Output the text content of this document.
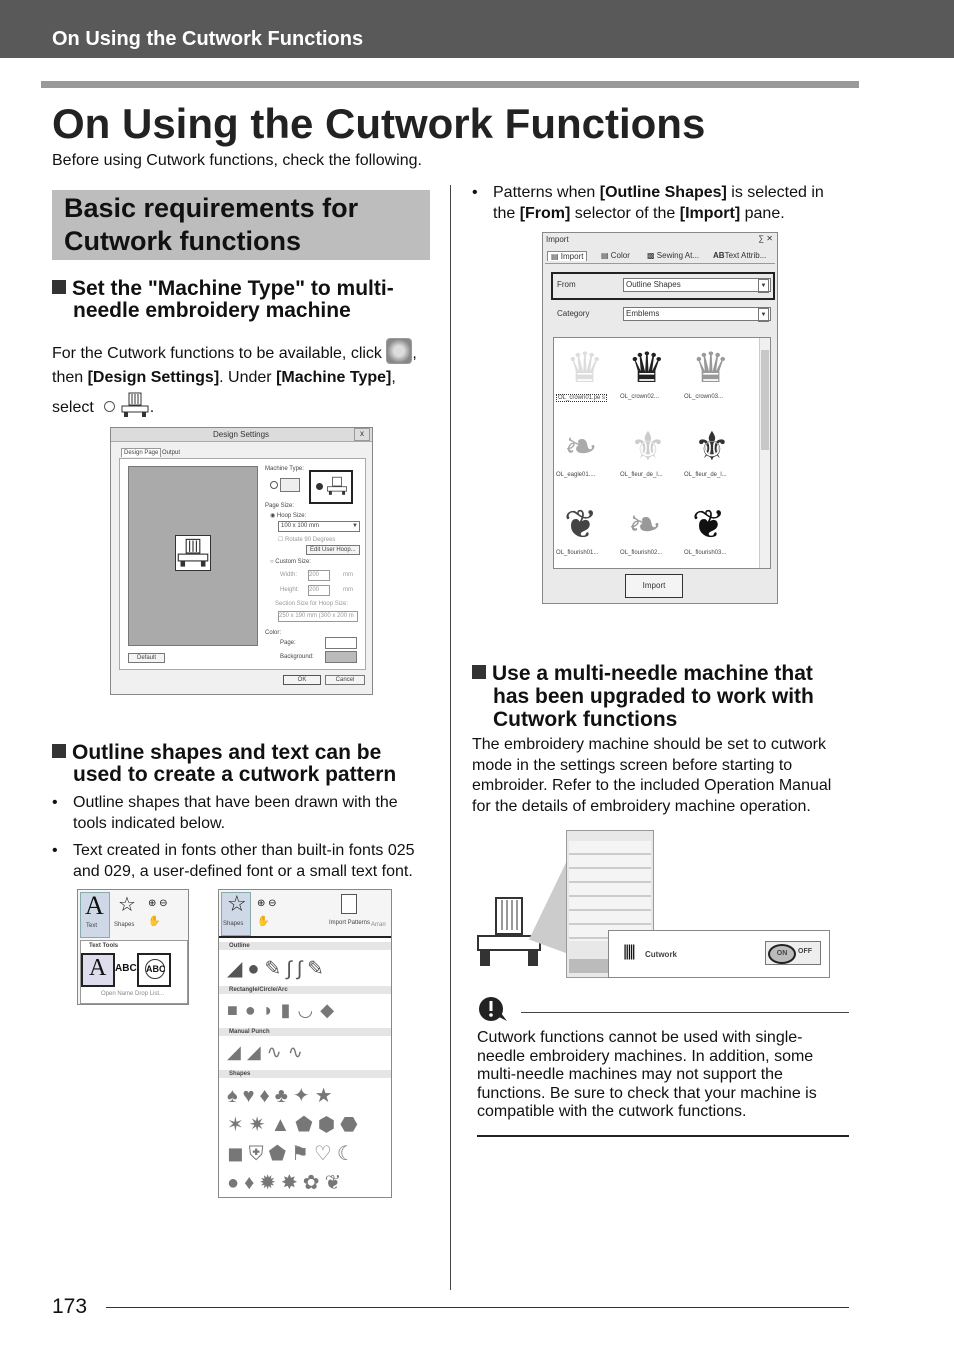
On Using the Cutwork Functions
On Using the Cutwork Functions
Before using Cutwork functions, check the following.
Basic requirements for
Cutwork functions
Set the "Machine Type" to multi-
needle embroidery machine
For the Cutwork functions to be available, click ,
then [Design Settings]. Under [Machine Type],
select	.
Design Settings	x
Design Page Output
Machine Type:
Page Size:
◉ Hoop Size:
100 x 100 mm	▼
☐ Rotate 90 Degrees
Edit User Hoop...
○ Custom Size:
Width: 200	mm
Height: 200	mm
Section Size for Hoop Size:
250 x 190 mm (300 x 200 m
Color:
Page:
Background:
Default
OK	Cancel
Outline shapes and text can be
used to create a cutwork pattern
• Outline shapes that have been drawn with the
tools indicated below.
• Text created in fonts other than built-in fonts 025
and 029, a user-defined font or a small text font.
A
Text
☆
Shapes
⊕ ⊖
✋
Text Tools
A ABC ABC
Open Name Drop List...
☆
Shapes
⊕ ⊖
✋	Import Patterns Arran
Outline
◢●✎∫∫✎
Rectangle/Circle/Arc
■●◗▮◡◆
Manual Punch
◢◢∿∿
Shapes
♠♥♦♣✦★
✶✷▲⬟⬢⬣
◼⛨⬟⚑♡☾
●♦✹✸✿❦
• Patterns when [Outline Shapes] is selected in
the [From] selector of the [Import] pane.
Import	∑ ✕
▤ Import	▤ Color ▩ Sewing At... ABText Attrib...
From	Outline Shapes	▼
Category	Emblems	▼
♛
OL_crown01.pe s
♛
OL_crown02...
♛
OL_crown03...
❧
OL_eagle01....
⚜
OL_fleur_de_l...
⚜
OL_fleur_de_l...
❦
OL_flourish01...
❧
OL_flourish02...
❦
OL_flourish03...
Import
Use a multi-needle machine that
has been upgraded to work with
Cutwork functions
The embroidery machine should be set to cutwork
mode in the settings screen before starting to
embroider. Refer to the included Operation Manual
for the details of embroidery machine operation.
||||| Cutwork	ON	OFF
Cutwork functions cannot be used with single-
needle embroidery machines. In addition, some
multi-needle machines may not support the
functions. Be sure to check that your machine is
compatible with the cutwork functions.
173
